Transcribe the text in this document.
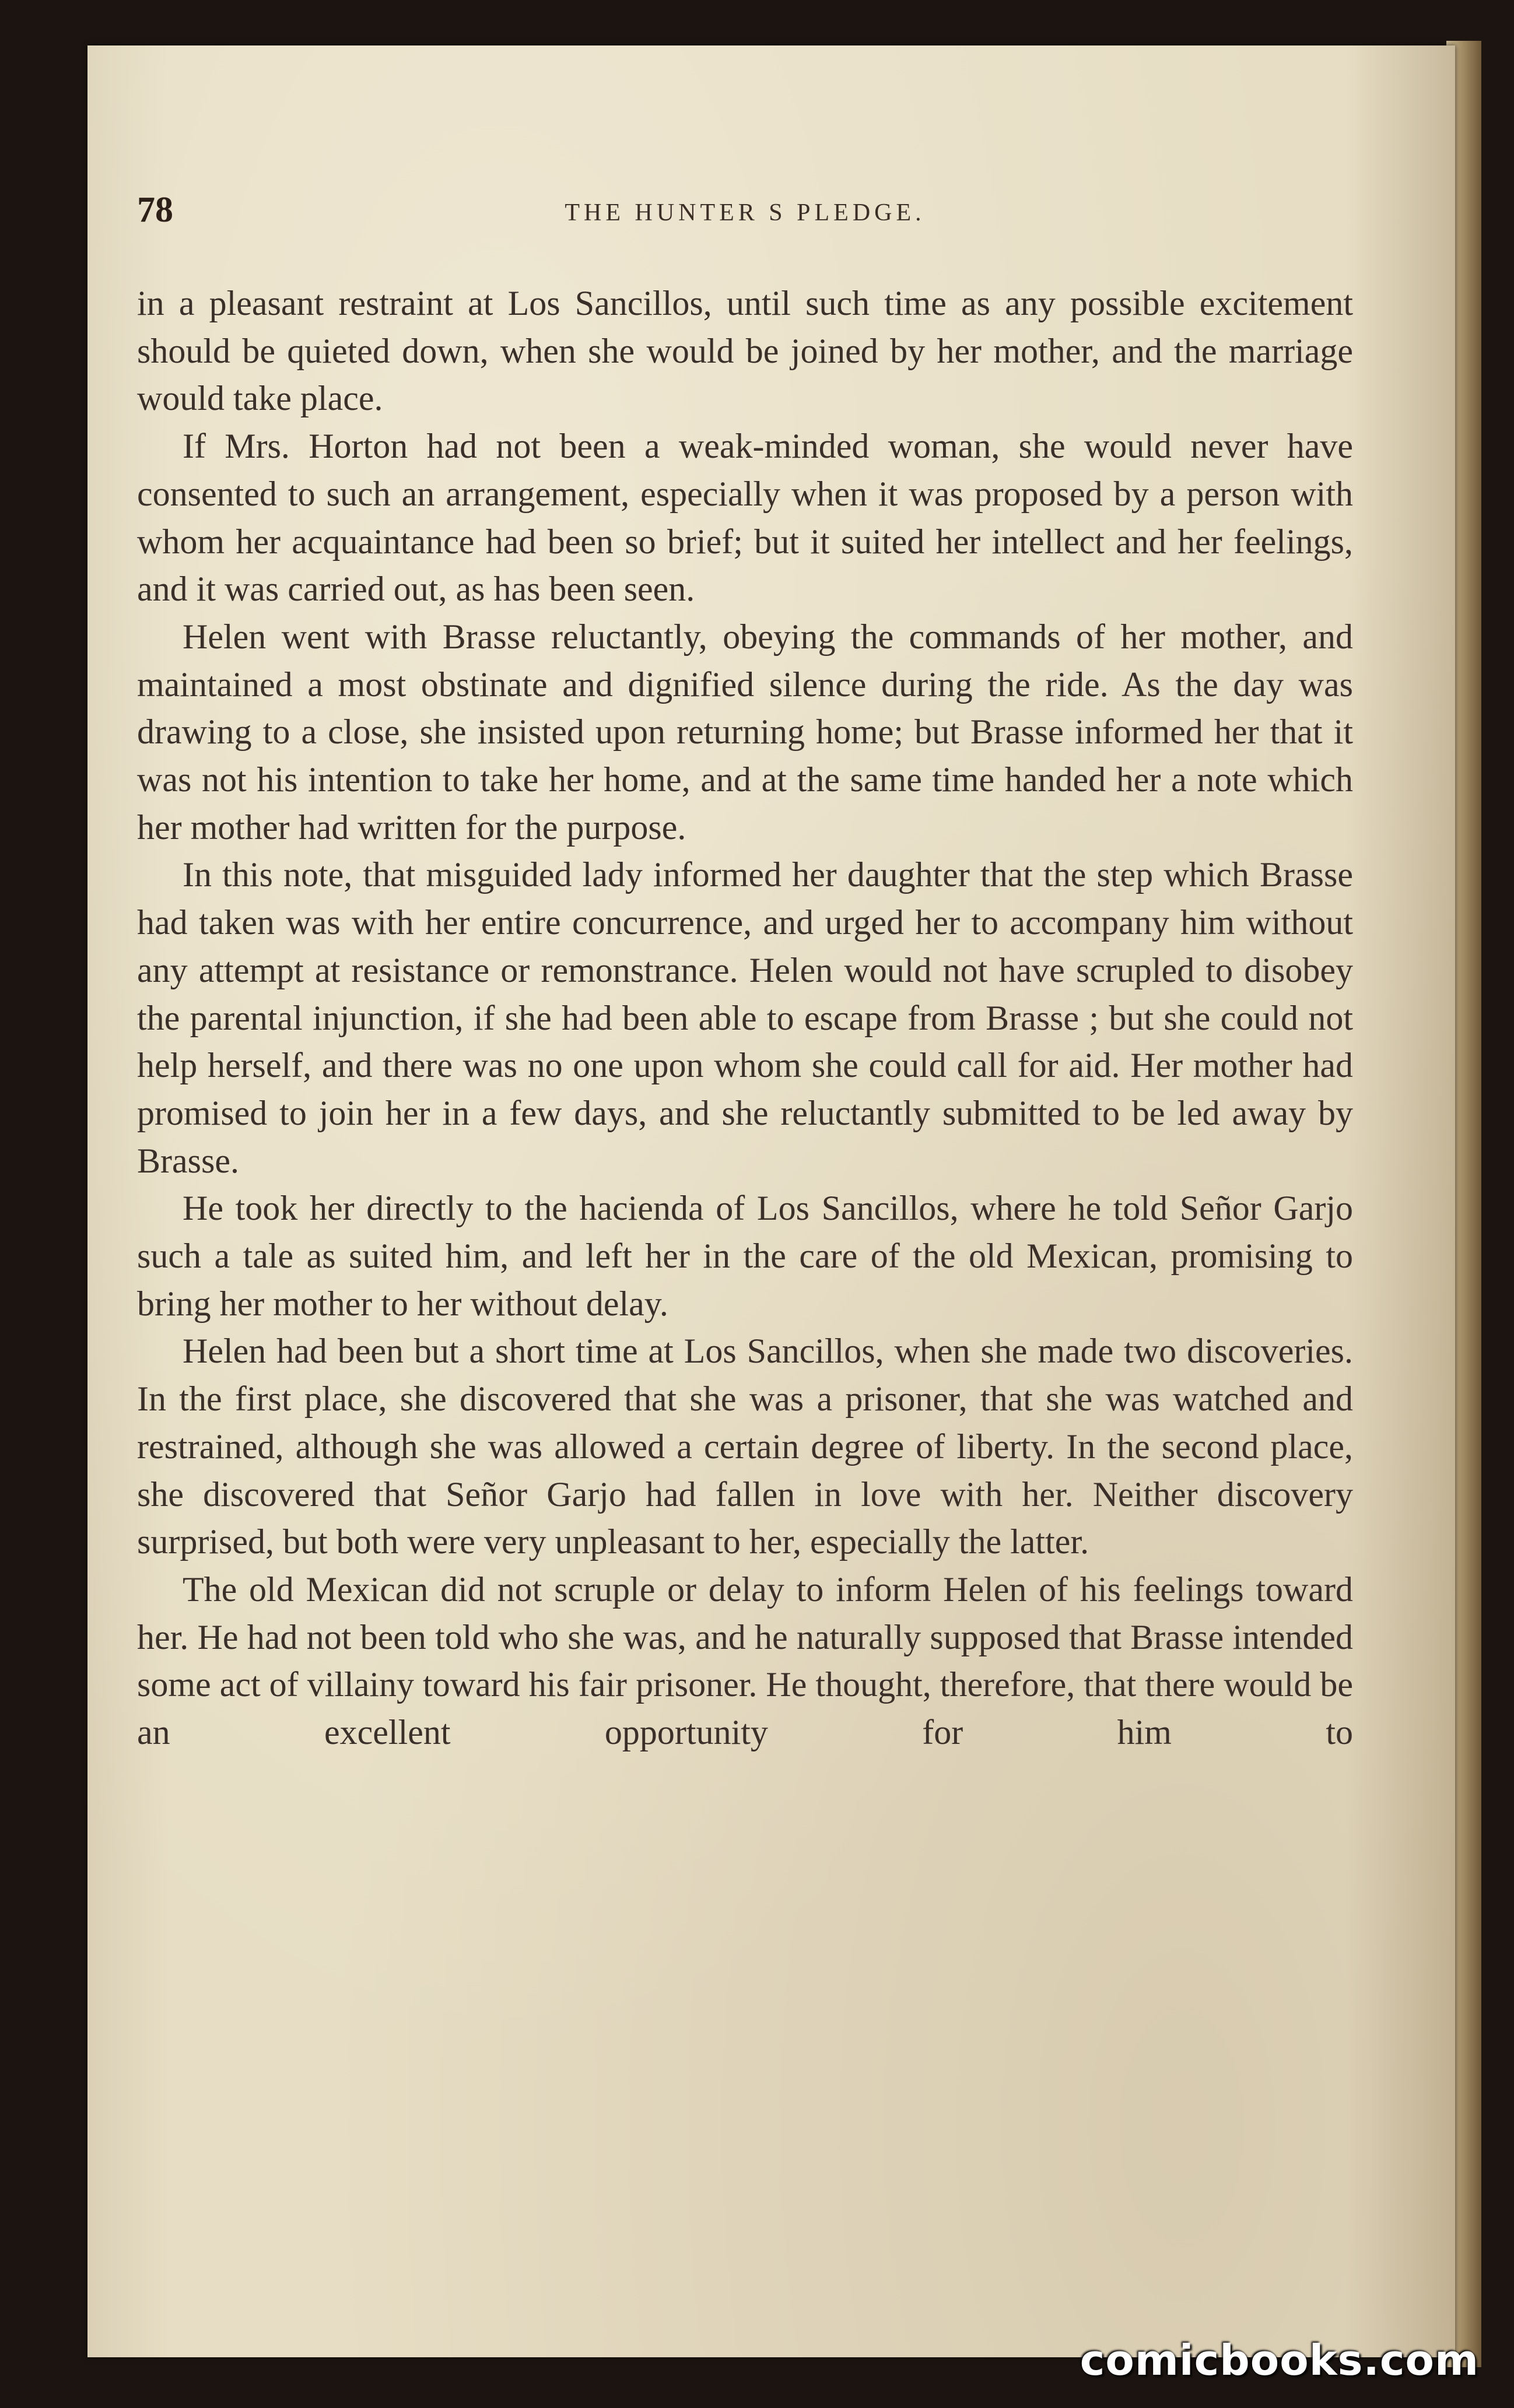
78	THE HUNTER S PLEDGE.

in a pleasant restraint at Los Sancillos, until such time as any possible excitement should be quieted down, when she would be joined by her mother, and the marriage would take place.

If Mrs. Horton had not been a weak-minded woman, she would never have consented to such an arrangement, especially when it was proposed by a person with whom her acquaintance had been so brief; but it suited her intellect and her feelings, and it was carried out, as has been seen.

Helen went with Brasse reluctantly, obeying the commands of her mother, and maintained a most obstinate and dignified silence during the ride. As the day was drawing to a close, she insisted upon returning home; but Brasse informed her that it was not his intention to take her home, and at the same time handed her a note which her mother had written for the purpose.

In this note, that misguided lady informed her daughter that the step which Brasse had taken was with her entire concurrence, and urged her to accompany him without any attempt at resistance or remonstrance. Helen would not have scrupled to disobey the parental injunction, if she had been able to escape from Brasse ; but she could not help herself, and there was no one upon whom she could call for aid. Her mother had promised to join her in a few days, and she reluctantly submitted to be led away by Brasse.

He took her directly to the hacienda of Los Sancillos, where he told Señor Garjo such a tale as suited him, and left her in the care of the old Mexican, promising to bring her mother to her without delay.

Helen had been but a short time at Los Sancillos, when she made two discoveries. In the first place, she discovered that she was a prisoner, that she was watched and restrained, although she was allowed a certain degree of liberty. In the second place, she discovered that Señor Garjo had fallen in love with her. Neither discovery surprised, but both were very unpleasant to her, especially the latter.

The old Mexican did not scruple or delay to inform Helen of his feelings toward her. He had not been told who she was, and he naturally supposed that Brasse intended some act of villainy toward his fair prisoner. He thought, therefore, that there would be an excellent opportunity for him to

comicbooks.com
